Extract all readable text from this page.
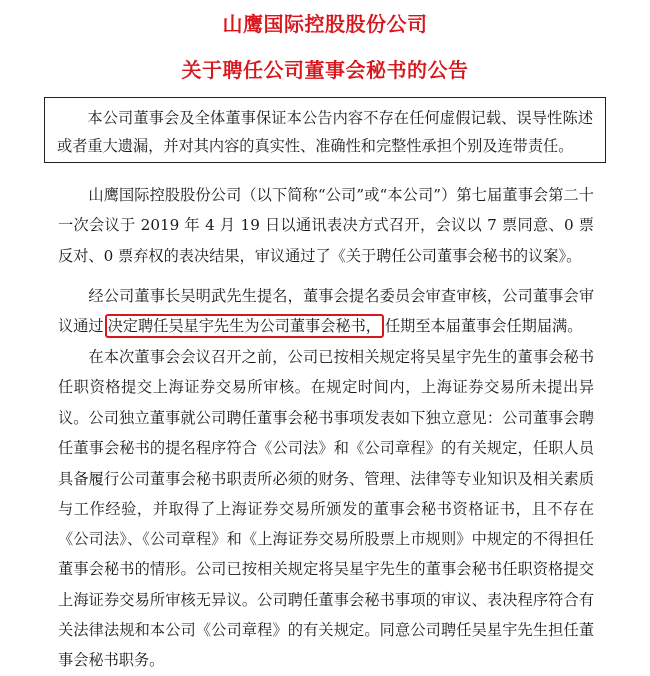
山鹰国际控股股份公司
关于聘任公司董事会秘书的公告

本公司董事会及全体董事保证本公告内容不存在任何虚假记载、误导性陈述或者重大遗漏，并对其内容的真实性、准确性和完整性承担个别及连带责任。

山鹰国际控股股份公司（以下简称“公司”或“本公司”）第七届董事会第二十一次会议于 2019 年 4 月 19 日以通讯表决方式召开，会议以 7 票同意、0 票反对、0 票弃权的表决结果，审议通过了《关于聘任公司董事会秘书的议案》。

经公司董事长吴明武先生提名，董事会提名委员会审查审核，公司董事会审议通过 决定聘任吴星宇先生为公司董事会秘书， 任期至本届董事会任期届满。

在本次董事会会议召开之前，公司已按相关规定将吴星宇先生的董事会秘书任职资格提交上海证券交易所审核。在规定时间内，上海证券交易所未提出异议。 公司独立董事就公司聘任董事会秘书事项发表如下独立意见：公司董事会聘任董事会秘书的提名程序符合《公司法》和《公司章程》的有关规定，任职人员具备履行公司董事会秘书职责所必须的财务、管理、法律等专业知识及相关素质与工作经验，并取得了上海证券交易所颁发的董事会秘书资格证书，且不存在《公司法》、《公司章程》和《上海证券交易所股票上市规则》中规定的不得担任董事会秘书的情形。公司已按相关规定将吴星宇先生的董事会秘书任职资格提交上海证券交易所审核无异议。公司聘任董事会秘书事项的审议、表决程序符合有关法律法规和本公司《公司章程》的有关规定。同意公司聘任吴星宇先生担任董事会秘书职务。
